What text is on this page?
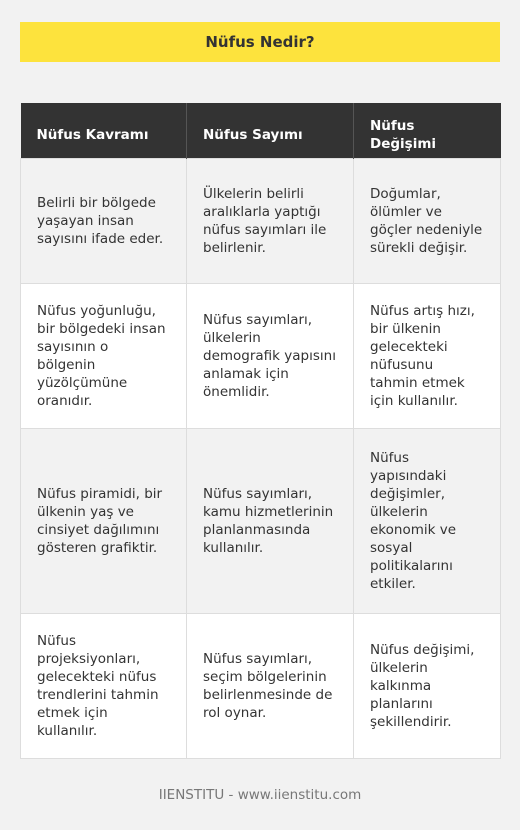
Nüfus Nedir?
Nüfus Kavramı	Nüfus Sayımı	Nüfus Değişimi
Belirli bir bölgede yaşayan insan sayısını ifade eder.	Ülkelerin belirli aralıklarla yaptığı nüfus sayımları ile belirlenir.	Doğumlar, ölümler ve göçler nedeniyle sürekli değişir.
Nüfus yoğunluğu, bir bölgedeki insan sayısının o bölgenin yüzölçümüne oranıdır.	Nüfus sayımları, ülkelerin demografik yapısını anlamak için önemlidir.	Nüfus artış hızı, bir ülkenin gelecekteki nüfusunu tahmin etmek için kullanılır.
Nüfus piramidi, bir ülkenin yaş ve cinsiyet dağılımını gösteren grafiktir.	Nüfus sayımları, kamu hizmetlerinin planlanmasında kullanılır.	Nüfus yapısındaki değişimler, ülkelerin ekonomik ve sosyal politikalarını etkiler.
Nüfus projeksiyonları, gelecekteki nüfus trendlerini tahmin etmek için kullanılır.	Nüfus sayımları, seçim bölgelerinin belirlenmesinde de rol oynar.	Nüfus değişimi, ülkelerin kalkınma planlarını şekillendirir.
IIENSTITU - www.iienstitu.com
